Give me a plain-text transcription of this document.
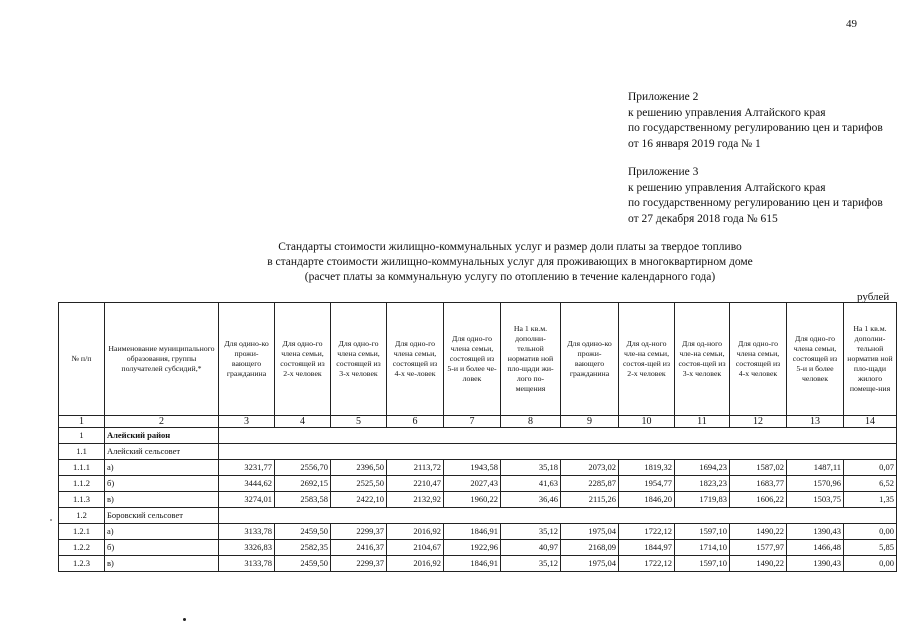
49
Приложение 2
к решению управления Алтайского края
по государственному регулированию цен и тарифов
от 16 января 2019 года № 1
Приложение 3
к решению управления Алтайского края
по государственному регулированию цен и тарифов
от 27 декабря 2018 года № 615
Стандарты стоимости жилищно-коммунальных услуг и размер доли платы за твердое топливо
в стандарте стоимости жилищно-коммунальных услуг для проживающих в многоквартирном доме
(расчет платы за коммунальную услугу по отоплению в течение календарного года)
рублей
№ п/п	Наименование муниципального образования, группы получателей субсидий,*	Для одино-ко прожи-вающего гражданина	Для одно-го члена семьи, состоящей из 2-х человек	Для одно-го члена семьи, состоящей из 3-х человек	Для одно-го члена семьи, состоящей из 4-х че-ловек	Для одно-го члена семьи, состоящей из 5-и и более че-ловек	На 1 кв.м. дополни-тельной норматив ной пло-щади жи-лого по-мещения	Для одино-ко прожи-вающего гражданина	Для од-ного чле-на семьи, состоя-щей из 2-х человек	Для од-ного чле-на семьи, состоя-щей из 3-х человек	Для одно-го члена семьи, состоящей из 4-х человек	Для одно-го члена семьи, состоящей из 5-и и более человек	На 1 кв.м. дополни-тельной норматив ной пло-щади жилого помеще-ния
1	2	3	4	5	6	7	8	9	10	11	12	13	14
1	Алейский район												
1.1	Алейский сельсовет												
1.1.1	а)	3231,77	2556,70	2396,50	2113,72	1943,58	35,18	2073,02	1819,32	1694,23	1587,02	1487,11	0,07
1.1.2	б)	3444,62	2692,15	2525,50	2210,47	2027,43	41,63	2285,87	1954,77	1823,23	1683,77	1570,96	6,52
1.1.3	в)	3274,01	2583,58	2422,10	2132,92	1960,22	36,46	2115,26	1846,20	1719,83	1606,22	1503,75	1,35
1.2	Боровский сельсовет												
1.2.1	а)	3133,78	2459,50	2299,37	2016,92	1846,91	35,12	1975,04	1722,12	1597,10	1490,22	1390,43	0,00
1.2.2	б)	3326,83	2582,35	2416,37	2104,67	1922,96	40,97	2168,09	1844,97	1714,10	1577,97	1466,48	5,85
1.2.3	в)	3133,78	2459,50	2299,37	2016,92	1846,91	35,12	1975,04	1722,12	1597,10	1490,22	1390,43	0,00
